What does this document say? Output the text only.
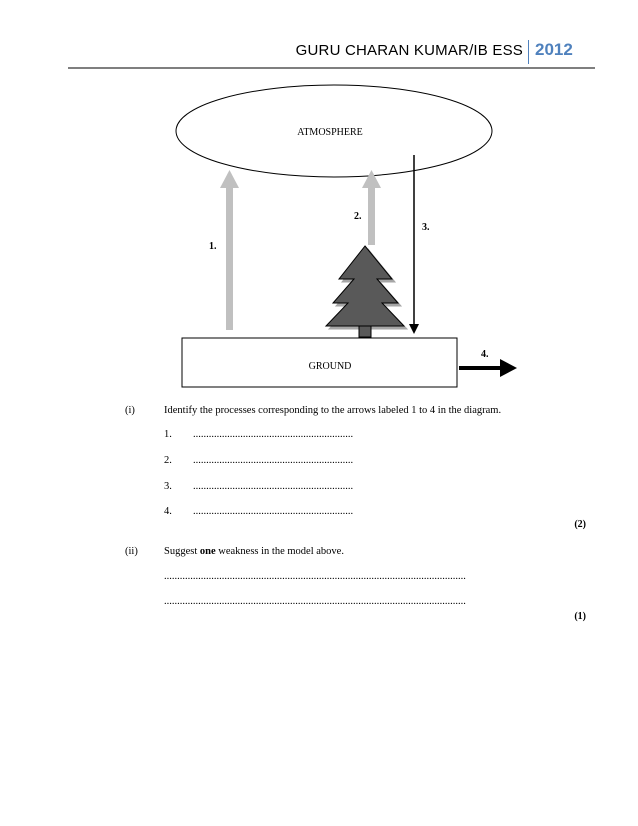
GURU CHARAN KUMAR/IB ESS 2012
ATMOSPHERE
GROUND
1.
2.
3.
4.
(i)	Identify the processes corresponding to the arrows labeled 1 to 4 in the diagram.
1. .............................................................
2. .............................................................
3. .............................................................
4. .............................................................
(2)
(ii) Suggest one weakness in the model above.
...................................................................................................................
...................................................................................................................
(1)
